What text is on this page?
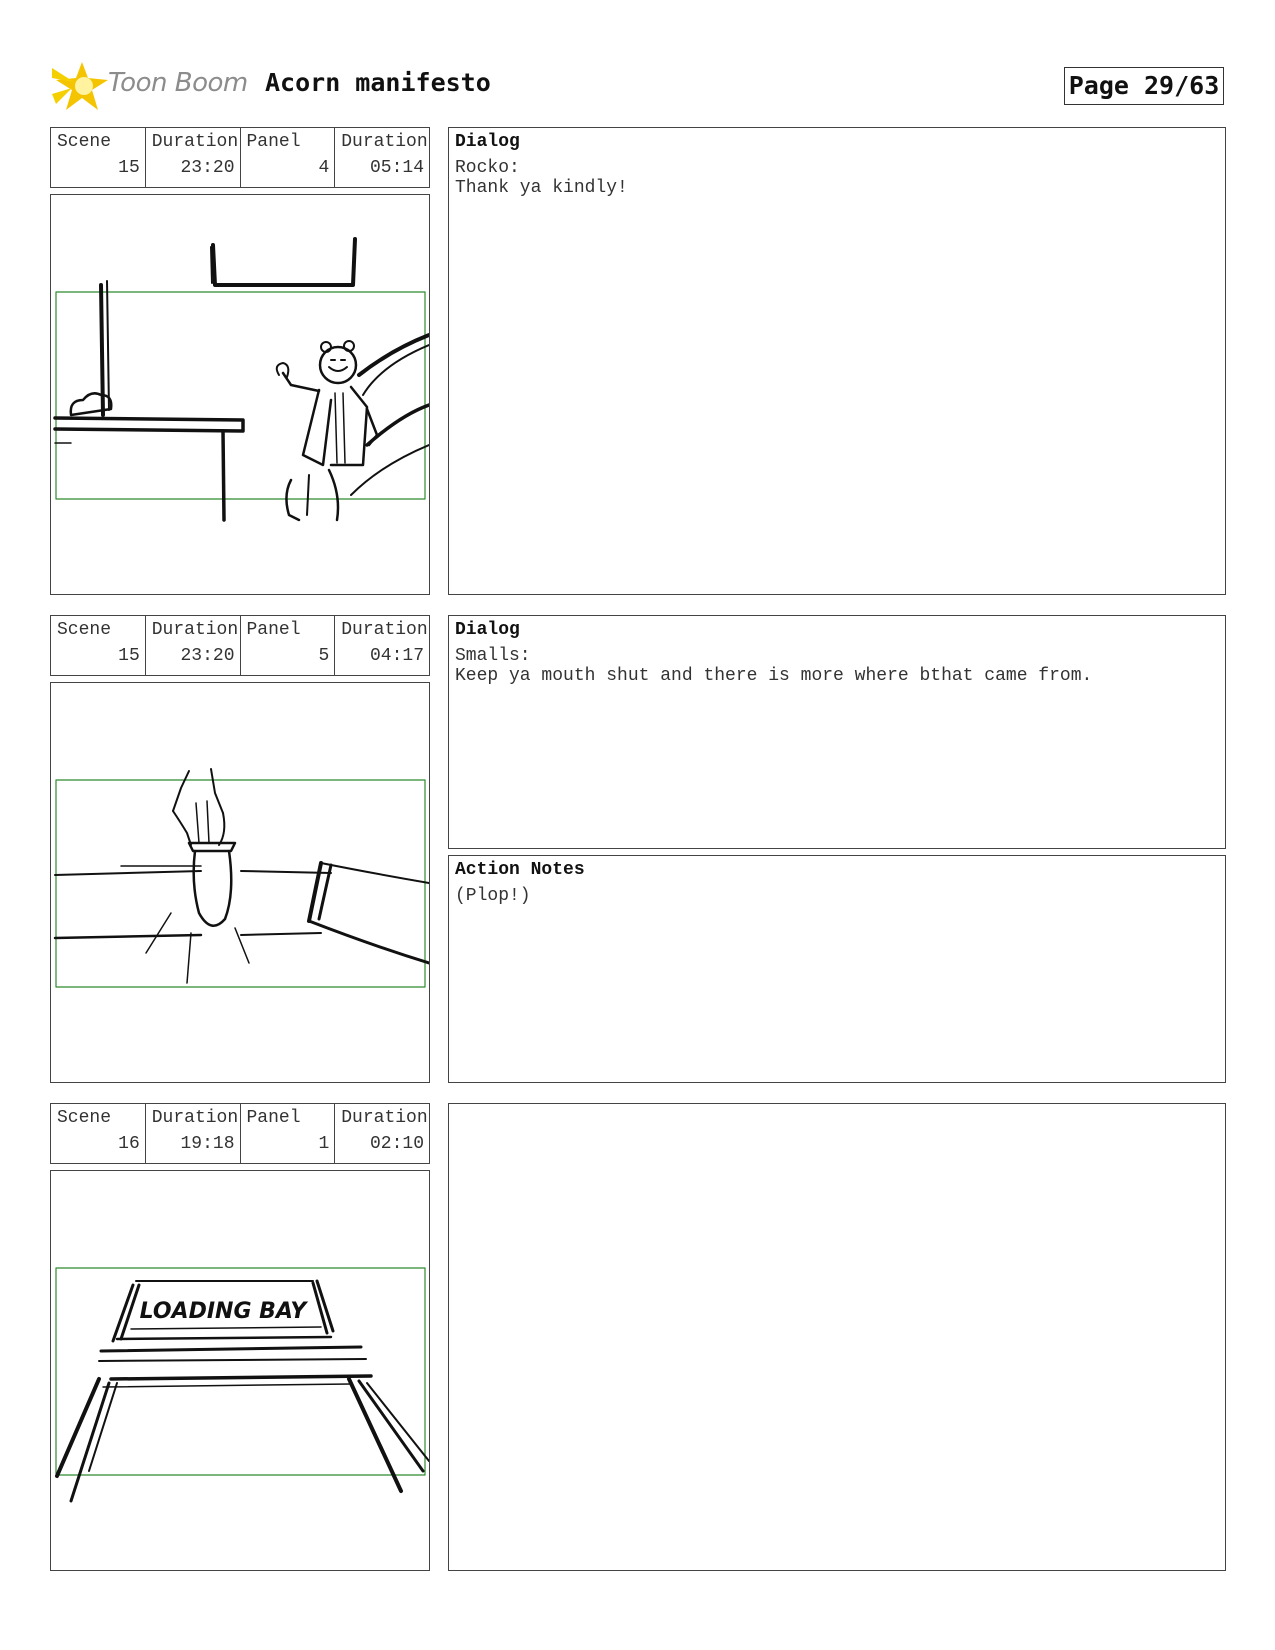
Toon Boom Acorn manifesto	Page 29/63
Scene
15
Duration
23:20
Panel
4
Duration
05:14
Dialog
Rocko:
Thank ya kindly!
Scene
15
Duration
23:20
Panel
5
Duration
04:17
Dialog
Smalls:
Keep ya mouth shut and there is more where bthat came from.
Action Notes
(Plop!)
Scene
16
Duration
19:18
Panel
1
Duration
02:10
LOADING BAY
